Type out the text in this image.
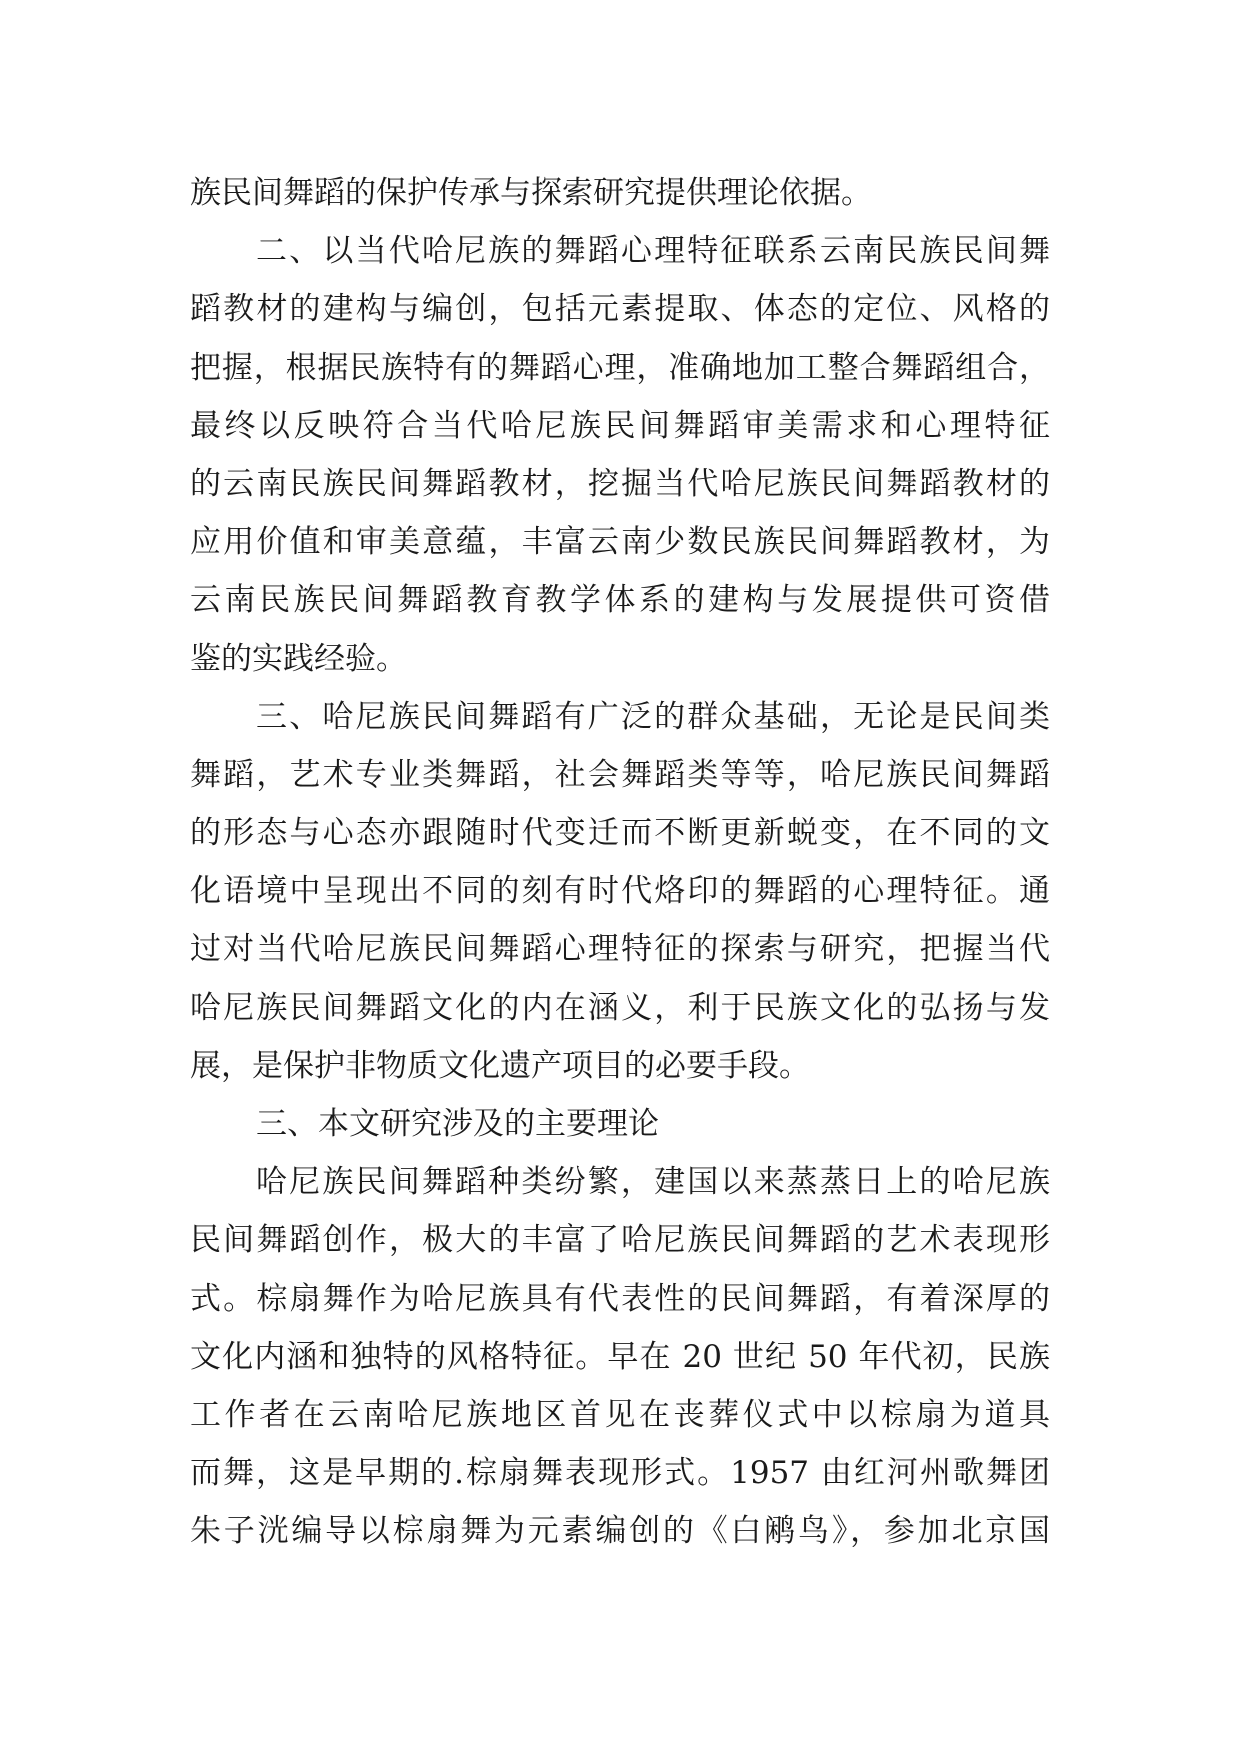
族民间舞蹈的保护传承与探索研究提供理论依据。
二、以当代哈尼族的舞蹈心理特征联系云南民族民间舞
蹈教材的建构与编创，包括元素提取、体态的定位、风格的
把握，根据民族特有的舞蹈心理，准确地加工整合舞蹈组合，
最终以反映符合当代哈尼族民间舞蹈审美需求和心理特征
的云南民族民间舞蹈教材，挖掘当代哈尼族民间舞蹈教材的
应用价值和审美意蕴，丰富云南少数民族民间舞蹈教材，为
云南民族民间舞蹈教育教学体系的建构与发展提供可资借
鉴的实践经验。
三、哈尼族民间舞蹈有广泛的群众基础，无论是民间类
舞蹈，艺术专业类舞蹈，社会舞蹈类等等，哈尼族民间舞蹈
的形态与心态亦跟随时代变迁而不断更新蜕变，在不同的文
化语境中呈现出不同的刻有时代烙印的舞蹈的心理特征。通
过对当代哈尼族民间舞蹈心理特征的探索与研究，把握当代
哈尼族民间舞蹈文化的内在涵义，利于民族文化的弘扬与发
展，是保护非物质文化遗产项目的必要手段。
三、本文研究涉及的主要理论
哈尼族民间舞蹈种类纷繁，建国以来蒸蒸日上的哈尼族
民间舞蹈创作，极大的丰富了哈尼族民间舞蹈的艺术表现形
式。棕扇舞作为哈尼族具有代表性的民间舞蹈，有着深厚的
文化内涵和独特的风格特征。早在 20 世纪 50 年代初，民族
工作者在云南哈尼族地区首见在丧葬仪式中以棕扇为道具
而舞，这是早期的.棕扇舞表现形式。1957 由红河州歌舞团
朱子洸编导以棕扇舞为元素编创的《白鹇鸟》，参加北京国
